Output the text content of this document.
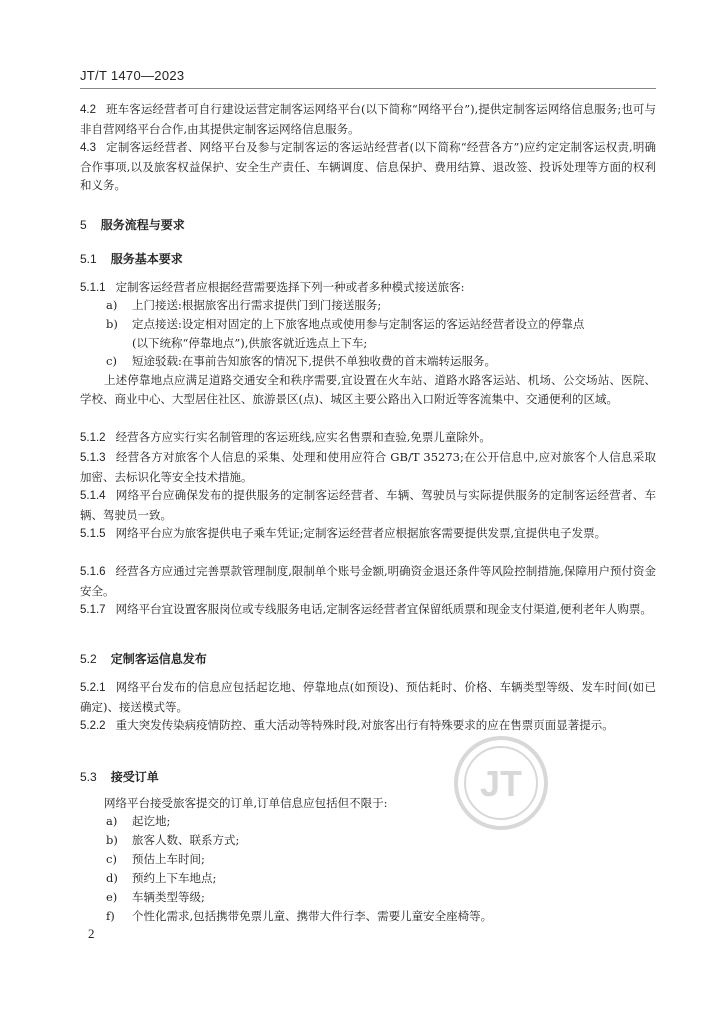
JT/T 1470—2023
4.2 班车客运经营者可自行建设运营定制客运网络平台(以下简称“网络平台”),提供定制客运网络信息服务;也可与非自营网络平台合作,由其提供定制客运网络信息服务。
4.3 定制客运经营者、网络平台及参与定制客运的客运站经营者(以下简称“经营各方”)应约定定制客运权责,明确合作事项,以及旅客权益保护、安全生产责任、车辆调度、信息保护、费用结算、退改签、投诉处理等方面的权利和义务。
5 服务流程与要求
5.1 服务基本要求
5.1.1 定制客运经营者应根据经营需要选择下列一种或者多种模式接送旅客:
a) 上门接送:根据旅客出行需求提供门到门接送服务;
b) 定点接送:设定相对固定的上下旅客地点或使用参与定制客运的客运站经营者设立的停靠点
(以下统称“停靠地点”),供旅客就近选点上下车;
c) 短途驳载:在事前告知旅客的情况下,提供不单独收费的首末端转运服务。
上述停靠地点应满足道路交通安全和秩序需要,宜设置在火车站、道路水路客运站、机场、公交场站、医院、学校、商业中心、大型居住社区、旅游景区(点)、城区主要公路出入口附近等客流集中、交通便利的区域。
5.1.2 经营各方应实行实名制管理的客运班线,应实名售票和查验,免票儿童除外。
5.1.3 经营各方对旅客个人信息的采集、处理和使用应符合 GB/T 35273;在公开信息中,应对旅客个人信息采取加密、去标识化等安全技术措施。
5.1.4 网络平台应确保发布的提供服务的定制客运经营者、车辆、驾驶员与实际提供服务的定制客运经营者、车辆、驾驶员一致。
5.1.5 网络平台应为旅客提供电子乘车凭证;定制客运经营者应根据旅客需要提供发票,宜提供电子发票。
5.1.6 经营各方应通过完善票款管理制度,限制单个账号金额,明确资金退还条件等风险控制措施,保障用户预付资金安全。
5.1.7 网络平台宜设置客服岗位或专线服务电话,定制客运经营者宜保留纸质票和现金支付渠道,便利老年人购票。
5.2 定制客运信息发布
5.2.1 网络平台发布的信息应包括起讫地、停靠地点(如预设)、预估耗时、价格、车辆类型等级、发车时间(如已确定)、接送模式等。
5.2.2 重大突发传染病疫情防控、重大活动等特殊时段,对旅客出行有特殊要求的应在售票页面显著提示。
JT
5.3 接受订单
网络平台接受旅客提交的订单,订单信息应包括但不限于:
a) 起讫地;
b) 旅客人数、联系方式;
c) 预估上车时间;
d) 预约上下车地点;
e) 车辆类型等级;
f) 个性化需求,包括携带免票儿童、携带大件行李、需要儿童安全座椅等。
2
